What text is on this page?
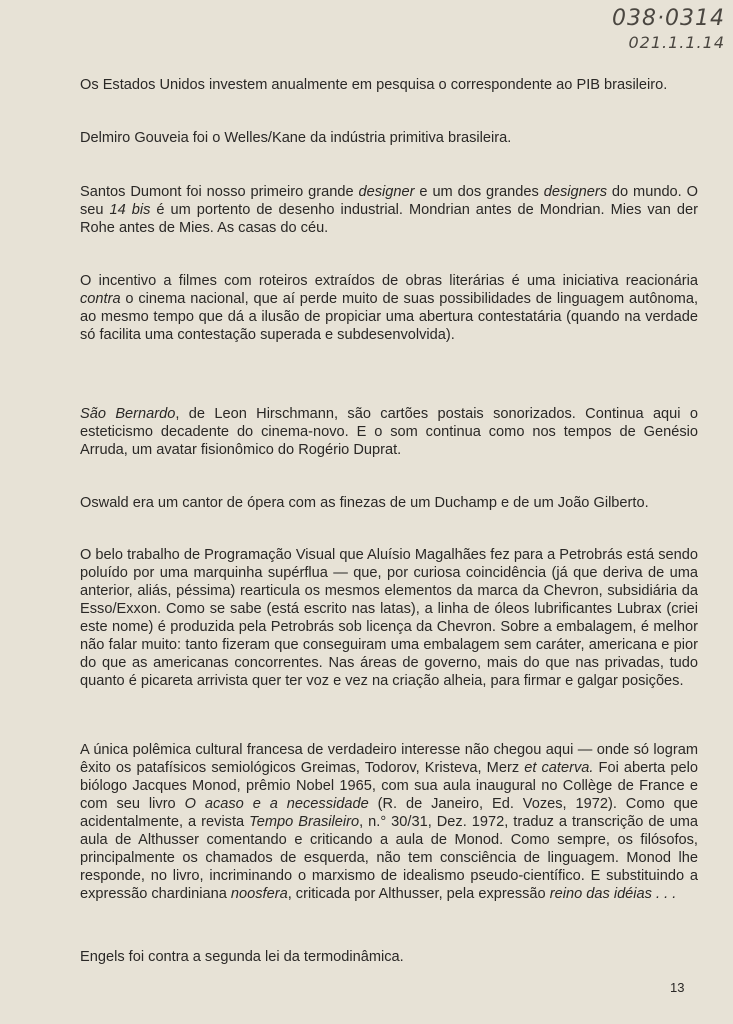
038·0314
021.1.1.14
Os Estados Unidos investem anualmente em pesquisa o correspondente ao PIB brasileiro.
Delmiro Gouveia foi o Welles/Kane da indústria primitiva brasileira.
Santos Dumont foi nosso primeiro grande designer e um dos grandes designers do mundo. O seu 14 bis é um portento de desenho industrial. Mondrian antes de Mondrian. Mies van der Rohe antes de Mies. As casas do céu.
O incentivo a filmes com roteiros extraídos de obras literárias é uma iniciativa reacionária contra o cinema nacional, que aí perde muito de suas possibilidades de linguagem autônoma, ao mesmo tempo que dá a ilusão de propiciar uma abertura contestatária (quando na verdade só facilita uma contestação superada e subdesenvolvida).
São Bernardo, de Leon Hirschmann, são cartões postais sonorizados. Continua aqui o esteticismo decadente do cinema-novo. E o som continua como nos tempos de Genésio Arruda, um avatar fisionômico do Rogério Duprat.
Oswald era um cantor de ópera com as finezas de um Duchamp e de um João Gilberto.
O belo trabalho de Programação Visual que Aluísio Magalhães fez para a Petrobrás está sendo poluído por uma marquinha supérflua — que, por curiosa coincidência (já que deriva de uma anterior, aliás, péssima) rearticula os mesmos elementos da marca da Chevron, subsidiária da Esso/Exxon. Como se sabe (está escrito nas latas), a linha de óleos lubrificantes Lubrax (criei este nome) é produzida pela Petrobrás sob licença da Chevron. Sobre a embalagem, é melhor não falar muito: tanto fizeram que conseguiram uma embalagem sem caráter, americana e pior do que as americanas concorrentes. Nas áreas de governo, mais do que nas privadas, tudo quanto é picareta arrivista quer ter voz e vez na criação alheia, para firmar e galgar posições.
A única polêmica cultural francesa de verdadeiro interesse não chegou aqui — onde só logram êxito os patafísicos semiológicos Greimas, Todorov, Kristeva, Merz et caterva. Foi aberta pelo biólogo Jacques Monod, prêmio Nobel 1965, com sua aula inaugural no Collège de France e com seu livro O acaso e a necessidade (R. de Janeiro, Ed. Vozes, 1972). Como que acidentalmente, a revista Tempo Brasileiro, n.° 30/31, Dez. 1972, traduz a transcrição de uma aula de Althusser comentando e criticando a aula de Monod. Como sempre, os filósofos, principalmente os chamados de esquerda, não tem consciência de linguagem. Monod lhe responde, no livro, incriminando o marxismo de idealismo pseudo-científico. E substituindo a expressão chardiniana noosfera, criticada por Althusser, pela expressão reino das idéias . . .
Engels foi contra a segunda lei da termodinâmica.
13
